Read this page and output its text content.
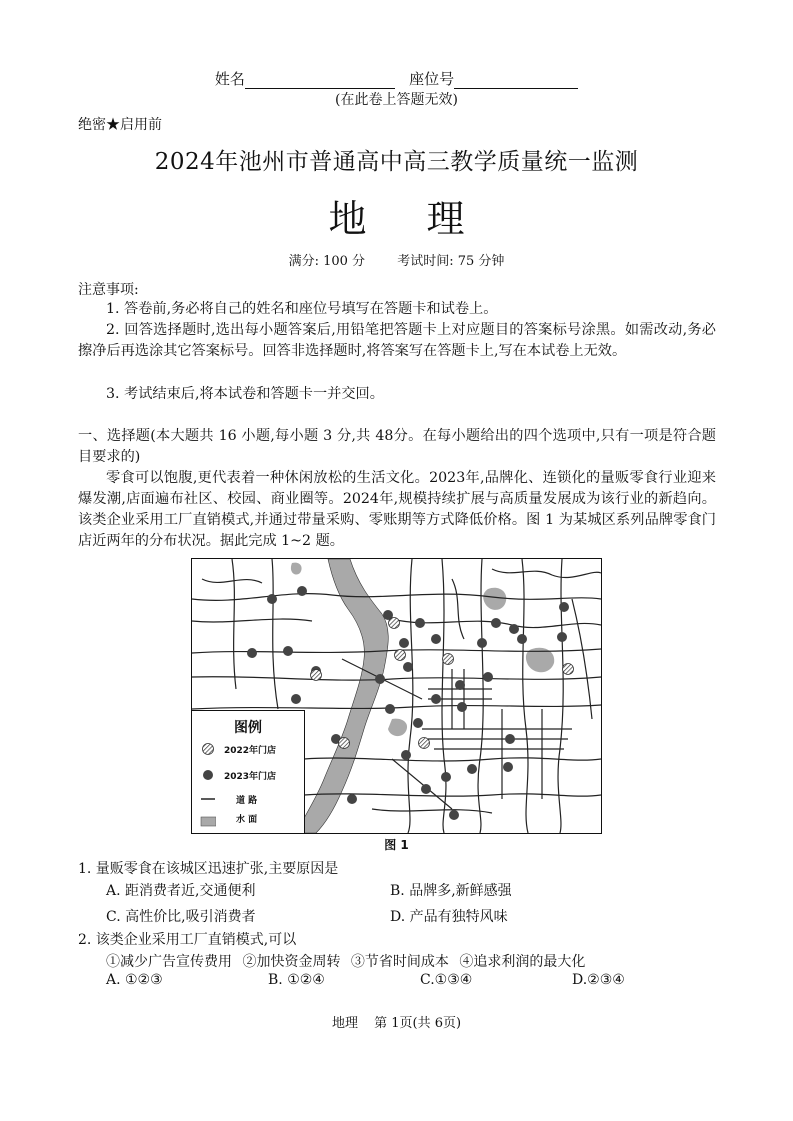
姓名	座位号
(在此卷上答题无效)
绝密★启用前
2024年池州市普通高中高三教学质量统一监测
地 理
满分: 100 分 考试时间: 75 分钟
注意事项:
1. 答卷前,务必将自己的姓名和座位号填写在答题卡和试卷上。
2. 回答选择题时,选出每小题答案后,用铅笔把答题卡上对应题目的答案标号涂黑。如需改动,务必擦净后再选涂其它答案标号。回答非选择题时,将答案写在答题卡上,写在本试卷上无效。
3. 考试结束后,将本试卷和答题卡一并交回。
一、选择题(本大题共 16 小题,每小题 3 分,共 48分。在每小题给出的四个选项中,只有一项是符合题目要求的)
零食可以饱腹,更代表着一种休闲放松的生活文化。2023年,品牌化、连锁化的量贩零食行业迎来爆发潮,店面遍布社区、校园、商业圈等。2024年,规模持续扩展与高质量发展成为该行业的新趋向。该类企业采用工厂直销模式,并通过带量采购、零账期等方式降低价格。图 1 为某城区系列品牌零食门店近两年的分布状况。据此完成 1~2 题。
图例
2022年门店
2023年门店
道 路
水 面
图 1
1. 量贩零食在该城区迅速扩张,主要原因是
A. 距消费者近,交通便利	B. 品牌多,新鲜感强
C. 高性价比,吸引消费者	D. 产品有独特风味
2. 该类企业采用工厂直销模式,可以
①减少广告宣传费用 ②加快资金周转 ③节省时间成本 ④追求利润的最大化
A. ①②③	B. ①②④	C.①③④	D.②③④
地理 第 1页(共 6页)
